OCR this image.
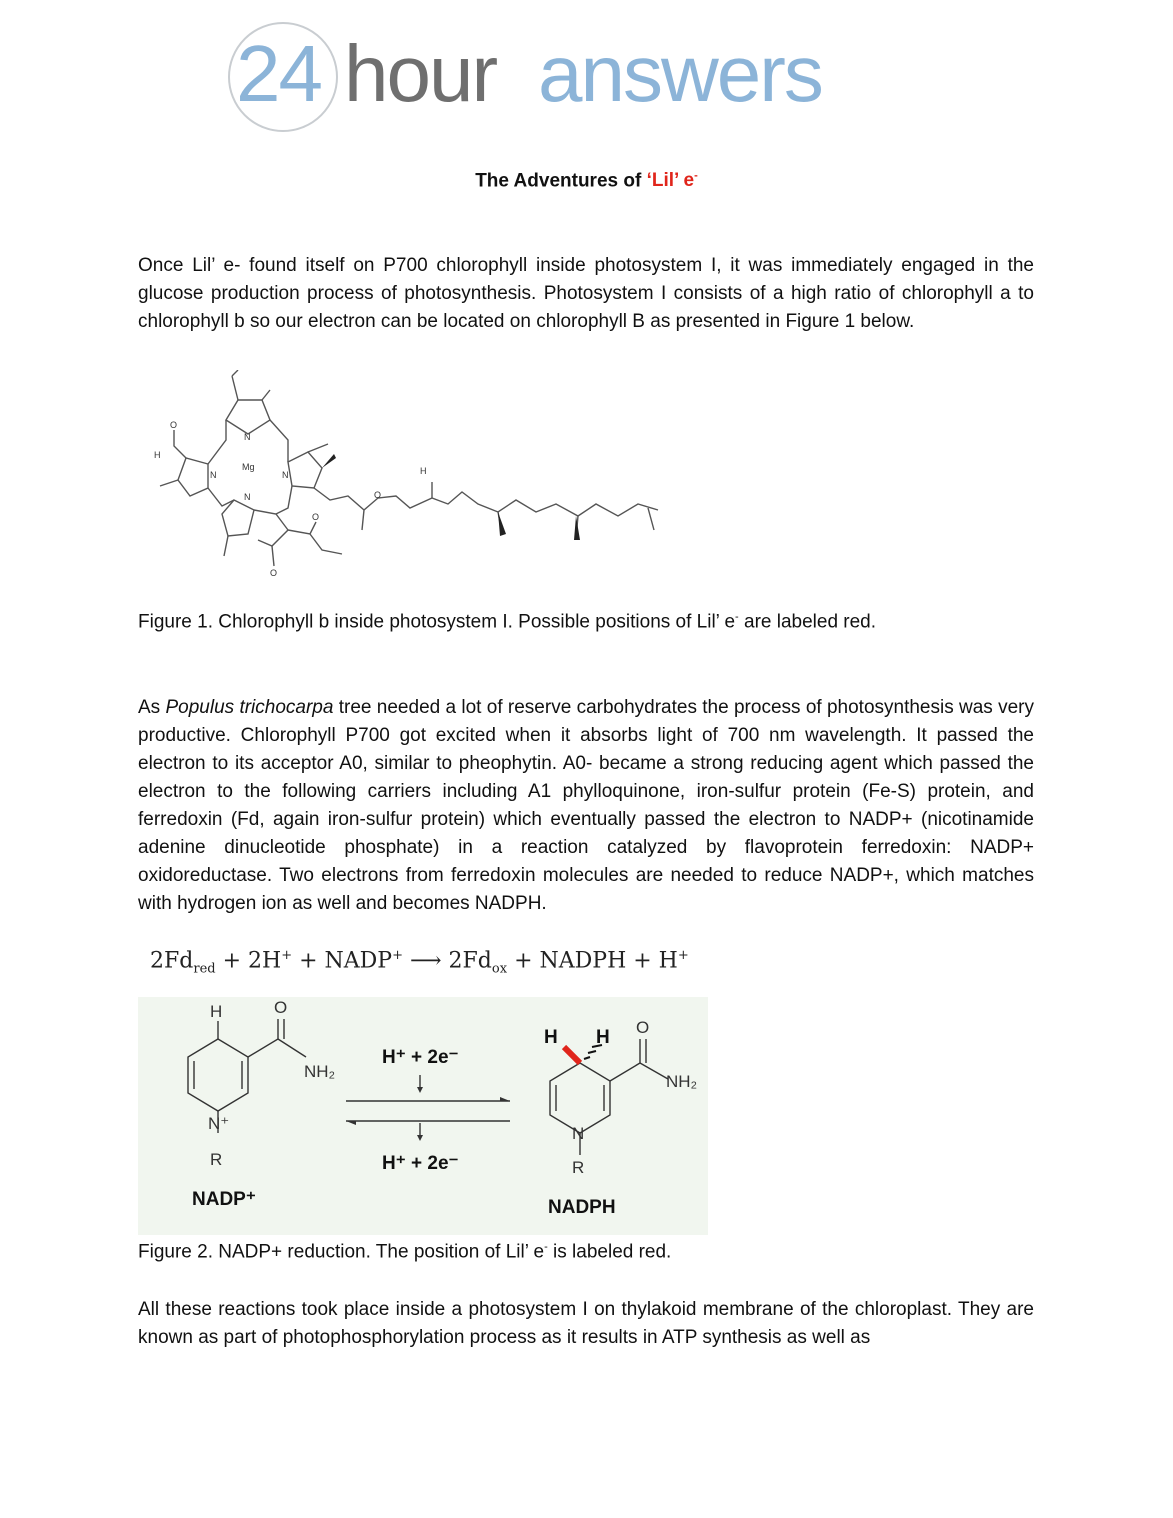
24 hour answers
The Adventures of ‘Lil’ e-
Once Lil’ e- found itself on P700 chlorophyll inside photosystem I, it was immediately engaged in the glucose production process of photosynthesis. Photosystem I consists of a high ratio of chlorophyll a to chlorophyll b so our electron can be located on chlorophyll B as presented in Figure 1 below.
N
N	N
N
Mg
O
H
O
O
O
H
Figure 1. Chlorophyll b inside photosystem I. Possible positions of Lil’ e- are labeled red.
As Populus trichocarpa tree needed a lot of reserve carbohydrates the process of photosynthesis was very productive. Chlorophyll P700 got excited when it absorbs light of 700 nm wavelength. It passed the electron to its acceptor A0, similar to pheophytin. A0- became a strong reducing agent which passed the electron to the following carriers including A1 phylloquinone, iron-sulfur protein (Fe-S) protein, and ferredoxin (Fd, again iron-sulfur protein) which eventually passed the electron to NADP+ (nicotinamide adenine dinucleotide phosphate) in a reaction catalyzed by flavoprotein ferredoxin: NADP+ oxidoreductase. Two electrons from ferredoxin molecules are needed to reduce NADP+, which matches with hydrogen ion as well and becomes NADPH.
$2Fd_{red} + 2H^+$ + NADP+ ⟶ $2Fd_{ox}$ + NADPH + H+
H	O
NH₂
N⁺
R
O
NH₂
N
R
H H
H⁺ + 2e⁻
H⁺ + 2e⁻
NADP⁺	NADPH
Figure 2. NADP+ reduction. The position of Lil’ e- is labeled red.
All these reactions took place inside a photosystem I on thylakoid membrane of the chloroplast. They are known as part of photophosphorylation process as it results in ATP synthesis as well as
